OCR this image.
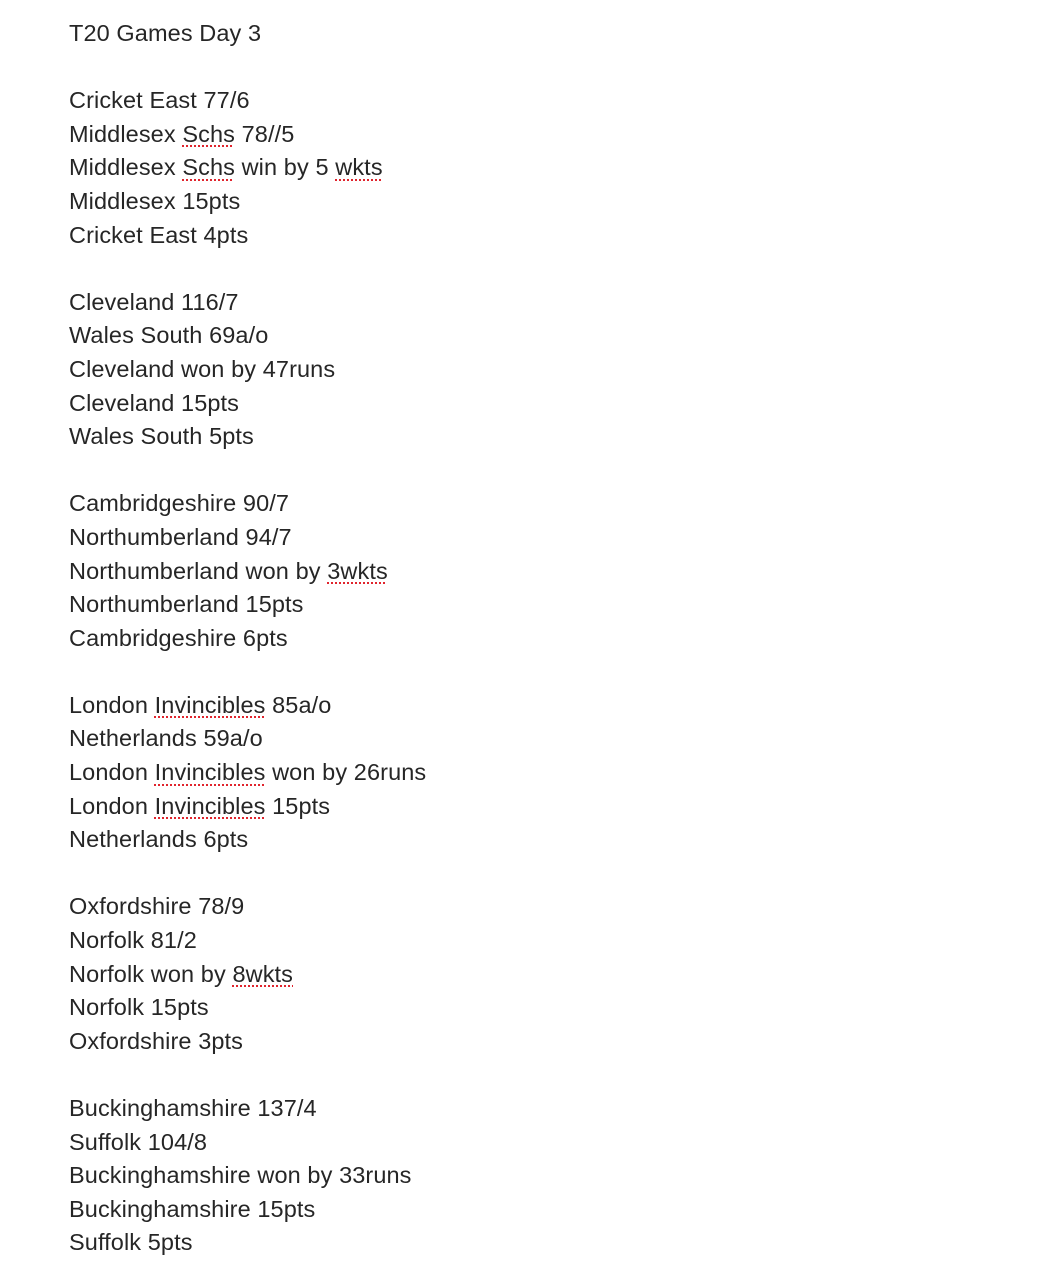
T20 Games Day 3
Cricket East 77/6
Middlesex Schs 78//5
Middlesex Schs win by 5 wkts
Middlesex 15pts
Cricket East 4pts
Cleveland 116/7
Wales South 69a/o
Cleveland won by 47runs
Cleveland 15pts
Wales South 5pts
Cambridgeshire 90/7
Northumberland 94/7
Northumberland won by 3wkts
Northumberland 15pts
Cambridgeshire 6pts
London Invincibles 85a/o
Netherlands 59a/o
London Invincibles won by 26runs
London Invincibles 15pts
Netherlands 6pts
Oxfordshire 78/9
Norfolk 81/2
Norfolk won by 8wkts
Norfolk 15pts
Oxfordshire 3pts
Buckinghamshire 137/4
Suffolk 104/8
Buckinghamshire won by 33runs
Buckinghamshire 15pts
Suffolk 5pts
